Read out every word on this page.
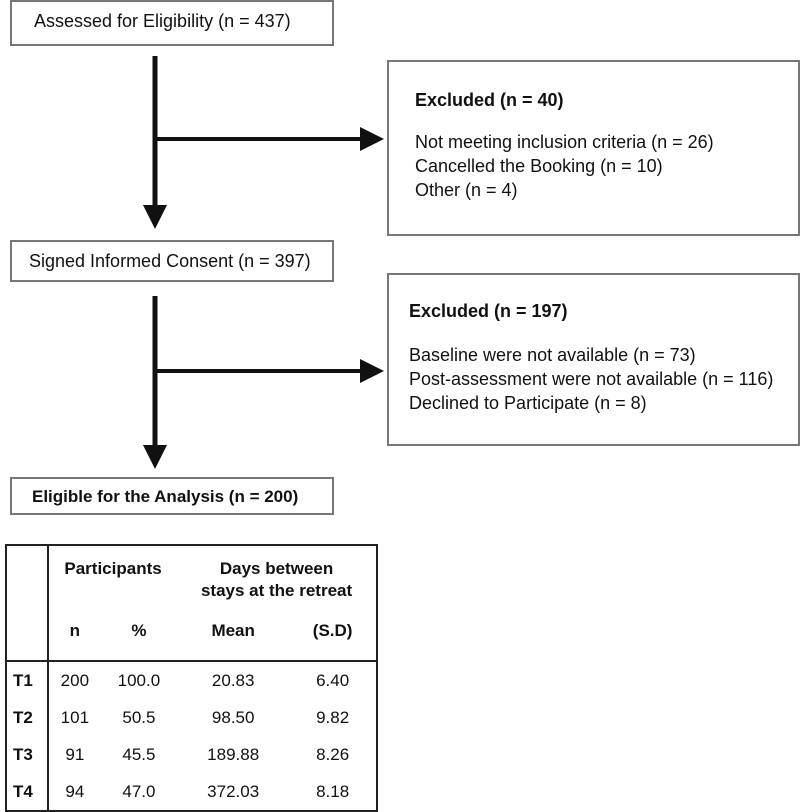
Assessed for Eligibility (n = 437)
Excluded (n = 40)
Not meeting inclusion criteria (n = 26)
Cancelled the Booking (n = 10)
Other (n = 4)
Signed Informed Consent (n = 397)
Excluded (n = 197)
Baseline were not available (n = 73)
Post-assessment were not available (n = 116)
Declined to Participate (n = 8)
Eligible for the Analysis (n = 200)
	Participants		Days between
stays at the retreat	

	n	%	Mean	(S.D)
T1	200	100.0	20.83	6.40
T2	101	50.5	98.50	9.82
T3	91	45.5	189.88	8.26
T4	94	47.0	372.03	8.18
